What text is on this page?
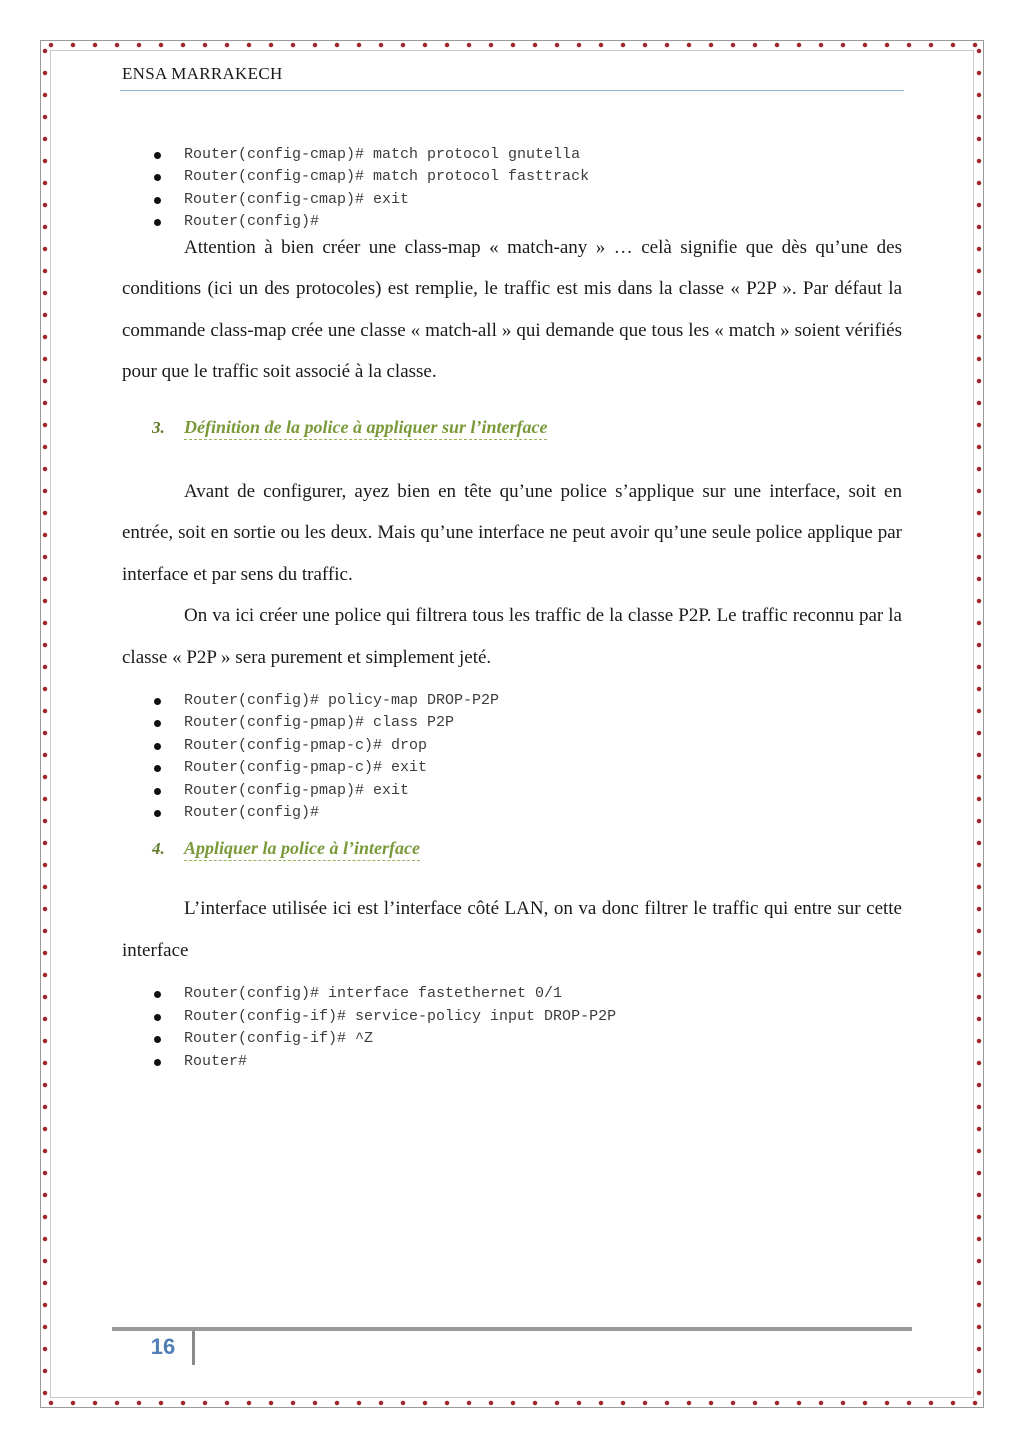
ENSA MARRAKECH
Router(config-cmap)# match protocol gnutella
Router(config-cmap)# match protocol fasttrack
Router(config-cmap)# exit
Router(config)#

Attention à bien créer une class-map « match-any » … celà signifie que dès qu’une des conditions (ici un des protocoles) est remplie, le traffic est mis dans la classe « P2P ». Par défaut la commande class-map crée une classe « match-all » qui demande que tous les « match » soient vérifiés pour que le traffic soit associé à la classe.

3.	Définition de la police à appliquer sur l’interface

Avant de configurer, ayez bien en tête qu’une police s’applique sur une interface, soit en entrée, soit en sortie ou les deux. Mais qu’une interface ne peut avoir qu’une seule police applique par interface et par sens du traffic.

On va ici créer une police qui filtrera tous les traffic de la classe P2P. Le traffic reconnu par la classe « P2P » sera purement et simplement jeté.

Router(config)# policy-map DROP-P2P
Router(config-pmap)# class P2P
Router(config-pmap-c)# drop
Router(config-pmap-c)# exit
Router(config-pmap)# exit
Router(config)#
4.	Appliquer la police à l’interface

L’interface utilisée ici est l’interface côté LAN, on va donc filtrer le traffic qui entre sur cette interface

Router(config)# interface fastethernet 0/1
Router(config-if)# service-policy input DROP-P2P
Router(config-if)# ^Z
Router#
16
